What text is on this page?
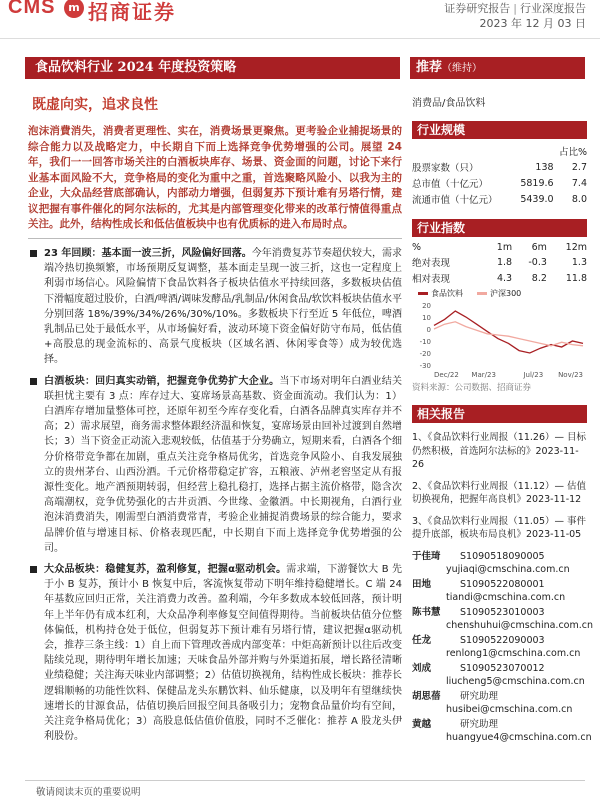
CMS	m 招商证券	证券研究报告 | 行业深度报告
2023 年 12 月 03 日
食品饮料行业 2024 年度投资策略	推荐（维持）
既虚向实，追求良性
泡沫消費消失，消费者更理性、实在，消费场景更聚焦。更考验企业捕捉场景的综合能力以及战略定力，中长期自下而上选择竞争优势增强的公司。展望 24 年，我们一一回答市场关注的白酒板块库存、场景、资金面的问题，讨论下来行业基本面风险不大，竞争格局的变化为重中之重，首选聚略风险小、以我为主的企业，大众品经营底部确认，内部动力增强，但弱复苏下预计难有另塔行情，建议把握有事件催化的阿尔法标的，尤其是内部管理变化带来的改革行情值得重点关注。此外，结构性成长和低估值板块中也有优质标的进入布局时点。
23 年回顾：基本面一波三折，风险偏好回落。今年消费复苏节奏超伏较大，需求端冷热切换频繁，市场预期反复调整，基本面走呈现一波三折，这也一定程度上利弱市场信心。风险偏情下食品饮料各子板块估值水平持续回落，多数板块估值下滑幅度超过股价，白酒/啤酒/调味发酵品/乳制品/休闲食品/软饮料板块估值水平分别回落 18%/39%/34%/26%/30%/10%。多数板块下行至近 5 年低位，啤酒乳制品已处于最低水平，从市场偏好看，波动环境下资金偏好防守布局，低估值+高股息的现金流标的、高景气度板块（区域名酒、休闲零食等）成为较优选择。
白酒板块：回归真实动销，把握竞争优势扩大企业。当下市场对明年白酒业结关联担忧主要有 3 点：库存过大、宴席场景高基数、资金面流动。我们认为：1）白酒库存增加量整体可控，还原年初至今库存变化看，白酒各品牌真实库存并不高；2）需求展望，商务需求整体跟经济温和恢复，宴席场景由回补过渡到自然增长；3）当下资金正动流入悲观较低，估值基于分势确立，短期来看，白酒各个细分价格带竞争都在加剧，重点关注竞争格局优劣，首选竞争风险小、自我发展独立的贵州茅台、山西汾酒。千元价格带稳定扩容，五粮液、泸州老窖坚定从有报源性变化。地产酒预期转弱，但经营上稳扎稳打，选择占据主流价格带，隐含次高端潮权，竞争优势强化的古井贡酒、今世缘、金徽酒。中长期视角，白酒行业泡沫消费消失，刚需型白酒消费常青，考验企业捕捉消费场景的综合能力，要求品牌价值与增速目标、价格表现匹配，中长期自下而上选择竞争优势增强的公司。
大众品板块：稳健复苏，盈利修复，把握α驱动机会。需求端，下游餐饮大 B 先于小 B 复苏，预计小 B 恢复中后，客流恢复带动下明年维持稳健增长。C 端 24 年基数应回归正常，关注消费力改善。盈利端，今年多数成本较低回落，预计明年上半年仍有成本红利，大众品净利率修复空间值得期待。当前板块估值分位整体偏低，机构持仓处于低位，但弱复苏下预计难有另塔行情，建议把握α驱动机会，推荐三条主线：1）自上而下管理改善成内部变革：中炬高新预计以往后改变陆续兑现，期待明年增长加速；天味食品外部并购与外渠道拓展，增长路径清晰业绩稳健；关注海天味业内部调整；2）估值切换视角，结构性成长板块：推荐长逻辑顺畅的功能性饮料、保健品龙头东鹏饮料、仙乐健康，以及明年有望继续快速增长的甘源食品，估值切换后回报空间具备吸引力；宠物食品量价均有空间，关注竞争格局优化；3）高股息低估值价值股，同时不乏催化：推荐 A 股龙头伊利股份。
消费品/食品饮料
行业规模
		占比%
股票家数（只）	138	2.7
总市值（十亿元）	5819.6	7.4
流通市值（十亿元）	5439.0	8.0
行业指数
%	1m	6m	12m
绝对表现	1.8	-0.3	1.3
相对表现	4.3	8.2	11.8
食品饮料	沪深300
20
10
0
-10
-20
-30
Dec/22 Mar/23	Jul/23 Nov/23
资料来源：公司数据、招商证券
相关报告
1、《食品饮料行业周报（11.26）— 目标仍然积极，首选阿尔法标的》2023-11-26
2、《食品饮料行业周报（11.12）— 估值切换视角，把握年高良机》2023-11-12
3、《食品饮料行业周报（11.05）— 事件提升底部，板块布局良机》2023-11-05
于佳琦	S1090518090005
yujiaqi@cmschina.com.cn
田地	S1090522080001
tiandi@cmschina.com.cn
陈书慧	S1090523010003
chenshuhui@cmschina.com.cn
任龙	S1090522090003
renlong1@cmschina.com.cn
刘成	S1090523070012
liucheng5@cmschina.com.cn
胡思蓓	研究助理
husibei@cmschina.com.cn
黄越	研究助理
huangyue4@cmschina.com.cn
敬请阅读末页的重要说明
